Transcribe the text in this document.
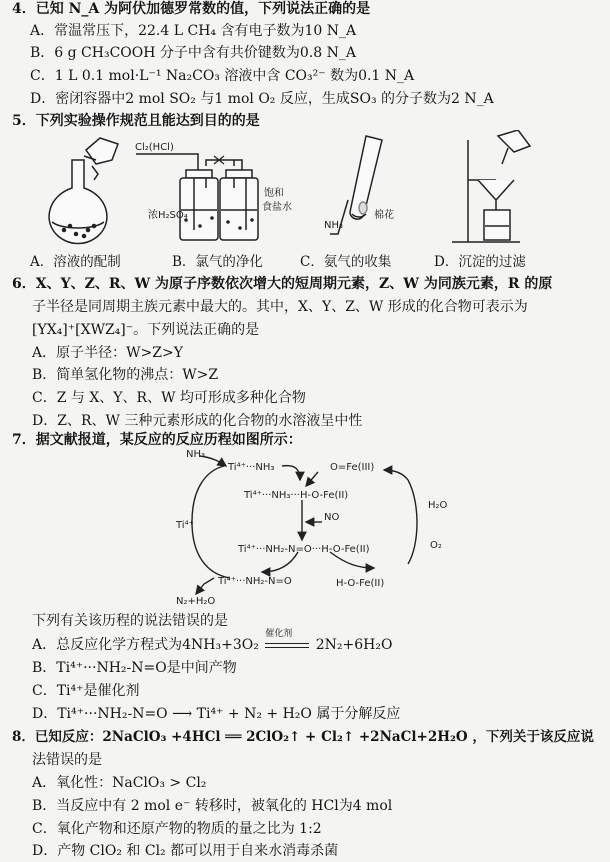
4．已知 N_A 为阿伏加德罗常数的值，下列说法正确的是
A．常温常压下，22.4 L CH₄ 含有电子数为10 N_A
B．6 g CH₃COOH 分子中含有共价键数为0.8 N_A
C．1 L 0.1 mol·L⁻¹ Na₂CO₃ 溶液中含 CO₃²⁻ 数为0.1 N_A
D．密闭容器中2 mol SO₂ 与1 mol O₂ 反应，生成SO₃ 的分子数为2 N_A
5．下列实验操作规范且能达到目的的是
Cl₂(HCl)
浓H₂SO₄
饱和
食盐水
NH₃
棉花
A．溶液的配制	B．氯气的净化	C．氨气的收集	D．沉淀的过滤
6．X、Y、Z、R、W 为原子序数依次增大的短周期元素，Z、W 为同族元素，R 的原
子半径是同周期主族元素中最大的。其中，X、Y、Z、W 形成的化合物可表示为
[YX₄]⁺[XWZ₄]⁻。下列说法正确的是
A．原子半径：W>Z>Y
B．简单氢化物的沸点：W>Z
C．Z 与 X、Y、R、W 均可形成多种化合物
D．Z、R、W 三种元素形成的化合物的水溶液呈中性
7．据文献报道，某反应的反应历程如图所示：
NH₃
Ti⁴⁺···NH₃	O=Fe(III)
Ti⁴⁺···NH₃···H-O-Fe(II)
H₂O
Ti⁴⁺
NO
Ti⁴⁺···NH₂-N=O···H-O-Fe(II)	O₂
Ti⁴⁺···NH₂-N=O	H-O-Fe(II)
N₂+H₂O
下列有关该历程的说法错误的是
A．总反应化学方程式为4NH₃+3O₂
催化剂
2N₂+6H₂O
B．Ti⁴⁺···NH₂-N=O是中间产物
C．Ti⁴⁺是催化剂
D．Ti⁴⁺···NH₂-N=O ⟶ Ti⁴⁺ + N₂ + H₂O 属于分解反应
8．已知反应：2NaClO₃ +4HCl ══ 2ClO₂↑ + Cl₂↑ +2NaCl+2H₂O ，下列关于该反应说
法错误的是
A．氧化性：NaClO₃ > Cl₂
B．当反应中有 2 mol e⁻ 转移时，被氧化的 HCl为4 mol
C．氧化产物和还原产物的物质的量之比为 1:2
D．产物 ClO₂ 和 Cl₂ 都可以用于自来水消毒杀菌
